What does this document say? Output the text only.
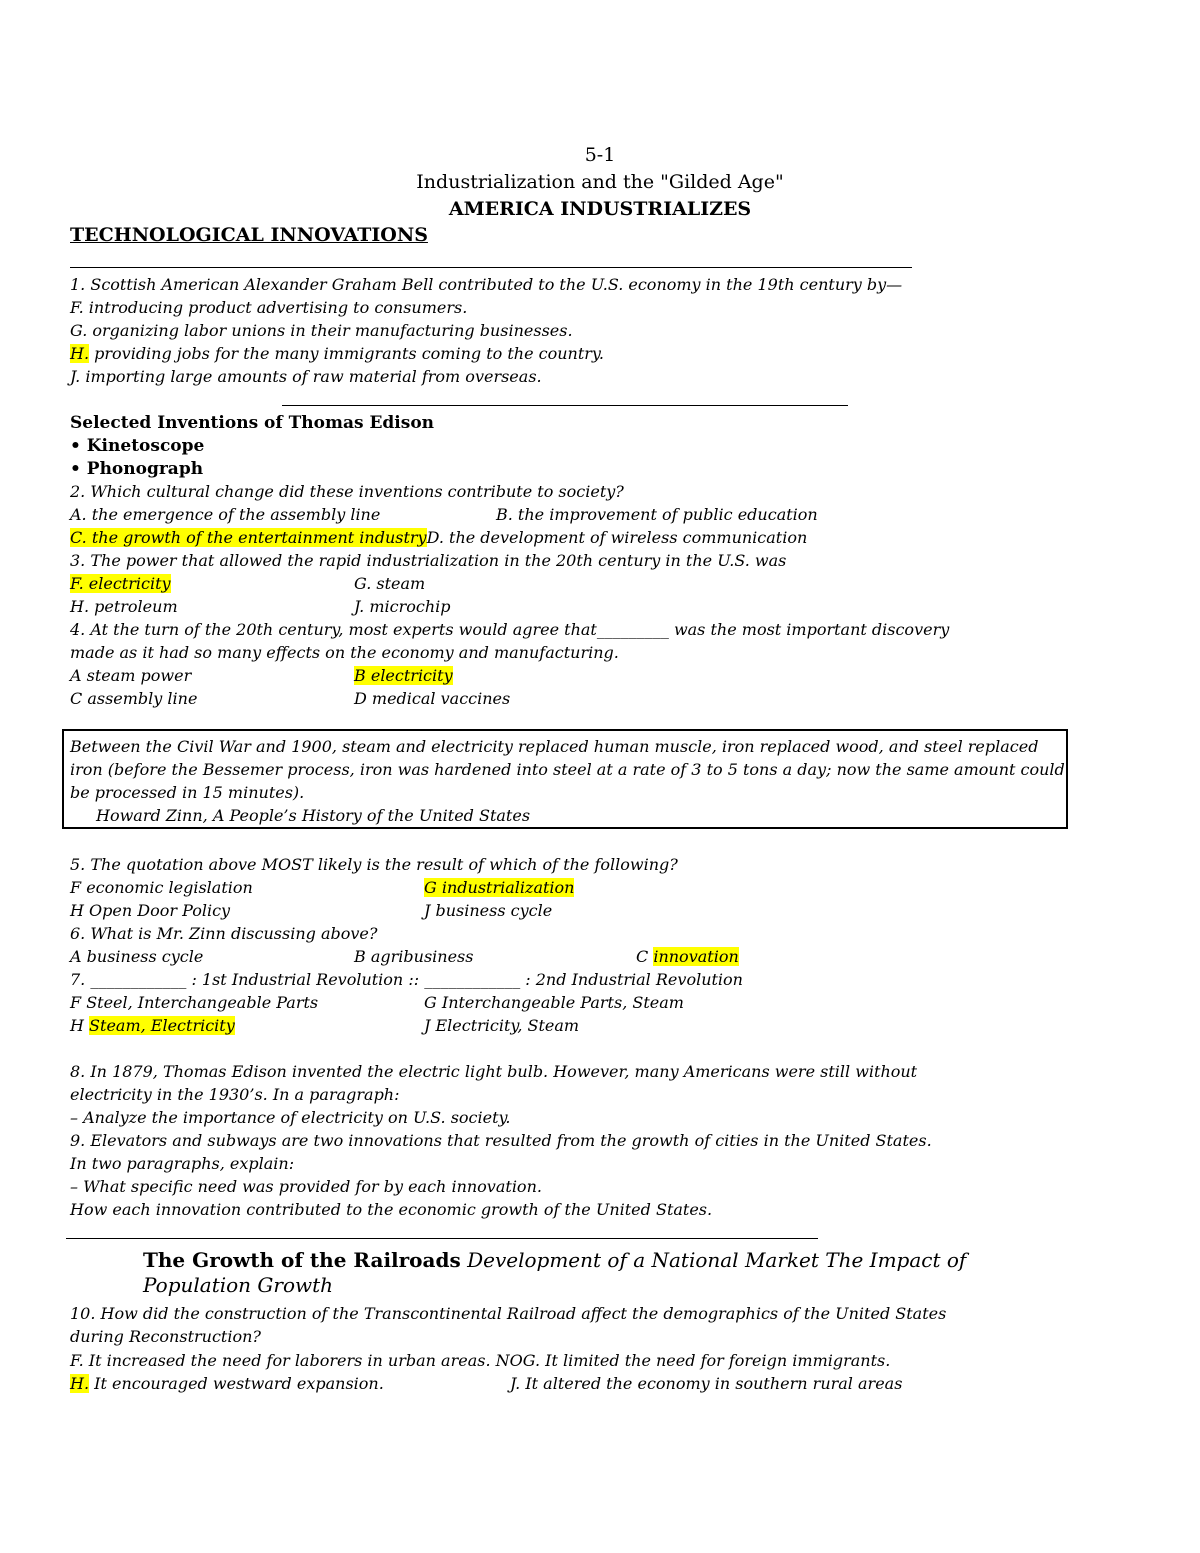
5-1
Industrialization and the "Gilded Age"
AMERICA INDUSTRIALIZES
TECHNOLOGICAL INNOVATIONS
1. Scottish American Alexander Graham Bell contributed to the U.S. economy in the 19th century by—
F. introducing product advertising to consumers.
G. organizing labor unions in their manufacturing businesses.
H. providing jobs for the many immigrants coming to the country.
J. importing large amounts of raw material from overseas.
Selected Inventions of Thomas Edison
• Kinetoscope
• Phonograph
2. Which cultural change did these inventions contribute to society?
A. the emergence of the assembly line	B. the improvement of public education
C. the growth of the entertainment industryD. the development of wireless communication
3. The power that allowed the rapid industrialization in the 20th century in the U.S. was
F. electricity	G. steam
H. petroleum	J. microchip
4. At the turn of the 20th century, most experts would agree that_________ was the most important discovery
made as it had so many effects on the economy and manufacturing.
A steam power	B electricity
C assembly line	D medical vaccines
Between the Civil War and 1900, steam and electricity replaced human muscle, iron replaced wood, and steel replaced
iron (before the Bessemer process, iron was hardened into steel at a rate of 3 to 5 tons a day; now the same amount could
be processed in 15 minutes).
Howard Zinn, A People’s History of the United States
5. The quotation above MOST likely is the result of which of the following?
F economic legislation	G industrialization
H Open Door Policy	J business cycle
6. What is Mr. Zinn discussing above?
A business cycle	B agribusiness	C innovation
7. ____________ : 1st Industrial Revolution :: ____________ : 2nd Industrial Revolution
F Steel, Interchangeable Parts	G Interchangeable Parts, Steam
H Steam, Electricity	J Electricity, Steam
8. In 1879, Thomas Edison invented the electric light bulb. However, many Americans were still without
electricity in the 1930’s. In a paragraph:
– Analyze the importance of electricity on U.S. society.
9. Elevators and subways are two innovations that resulted from the growth of cities in the United States.
In two paragraphs, explain:
– What specific need was provided for by each innovation.
How each innovation contributed to the economic growth of the United States.
The Growth of the Railroads Development of a National Market The Impact of Population Growth
10. How did the construction of the Transcontinental Railroad affect the demographics of the United States
during Reconstruction?
F. It increased the need for laborers in urban areas. NOG. It limited the need for foreign immigrants.
H. It encouraged westward expansion.	J. It altered the economy in southern rural areas
